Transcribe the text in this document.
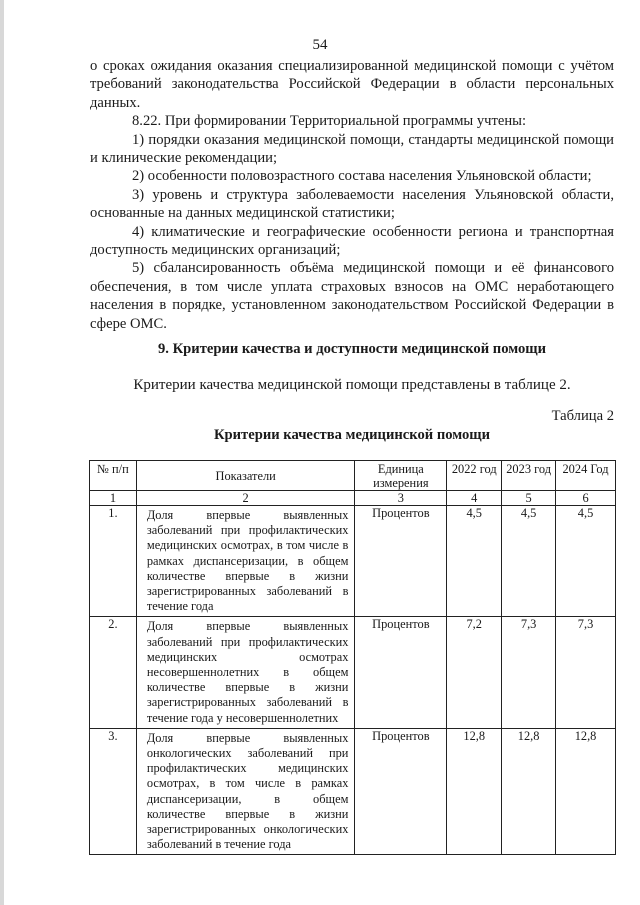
54

о сроках ожидания оказания специализированной медицинской помощи с учётом требований законодательства Российской Федерации в области персональных данных.

8.22. При формировании Территориальной программы учтены:

1) порядки оказания медицинской помощи, стандарты медицинской помощи и клинические рекомендации;

2) особенности половозрастного состава населения Ульяновской области;

3) уровень и структура заболеваемости населения Ульяновской области, основанные на данных медицинской статистики;

4) климатические и географические особенности региона и транспортная доступность медицинских организаций;

5) сбалансированность объёма медицинской помощи и её финансового обеспечения, в том числе уплата страховых взносов на ОМС неработающего населения в порядке, установленном законодательством Российской Федерации в сфере ОМС.

9. Критерии качества и доступности медицинской помощи
Критерии качества медицинской помощи представлены в таблице 2.
Таблица 2
Критерии качества медицинской помощи
№ п/п	Показатели	Единица измерения	2022 год	2023 год	2024 Год
1	2	3	4	5	6
1.	Доля впервые выявленных заболеваний при профилактических медицинских осмотрах, в том числе в рамках диспансеризации, в общем количестве впервые в жизни зарегистрированных заболеваний в течение года	Процентов	4,5	4,5	4,5
2.	Доля впервые выявленных заболеваний при профилактических медицинских осмотрах несовершеннолетних в общем количестве впервые в жизни зарегистрированных заболеваний в течение года у несовершеннолетних	Процентов	7,2	7,3	7,3
3.	Доля впервые выявленных онкологических заболеваний при профилактических медицинских осмотрах, в том числе в рамках диспансеризации, в общем количестве впервые в жизни зарегистрированных онкологических заболеваний в течение года	Процентов	12,8	12,8	12,8
